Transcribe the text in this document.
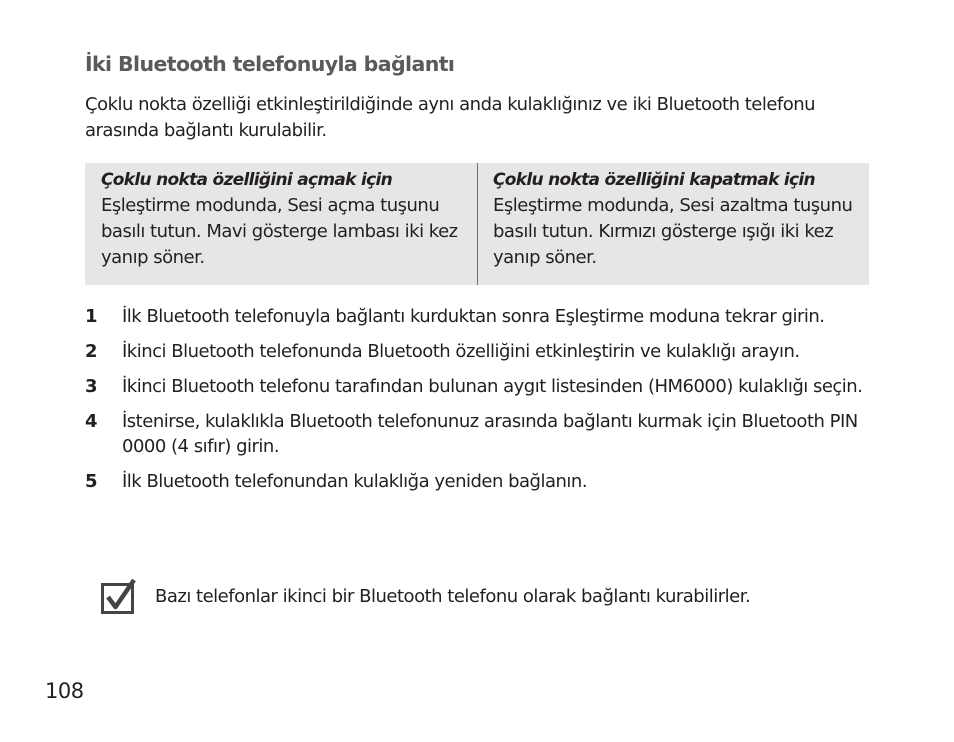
İki Bluetooth telefonuyla bağlantı
Çoklu nokta özelliği etkinleştirildiğinde aynı anda kulaklığınız ve iki Bluetooth telefonu arasında bağlantı kurulabilir.
Çoklu nokta özelliğini açmak için
Eşleştirme modunda, Sesi açma tuşunu basılı tutun. Mavi gösterge lambası iki kez yanıp söner.
Çoklu nokta özelliğini kapatmak için
Eşleştirme modunda, Sesi azaltma tuşunu basılı tutun. Kırmızı gösterge ışığı iki kez yanıp söner.
1	İlk Bluetooth telefonuyla bağlantı kurduktan sonra Eşleştirme moduna tekrar girin.
2	İkinci Bluetooth telefonunda Bluetooth özelliğini etkinleştirin ve kulaklığı arayın.
3	İkinci Bluetooth telefonu tarafından bulunan aygıt listesinden (HM6000) kulaklığı seçin.
4	İstenirse, kulaklıkla Bluetooth telefonunuz arasında bağlantı kurmak için Bluetooth PIN 0000 (4 sıfır) girin.
5	İlk Bluetooth telefonundan kulaklığa yeniden bağlanın.
Bazı telefonlar ikinci bir Bluetooth telefonu olarak bağlantı kurabilirler.
108
